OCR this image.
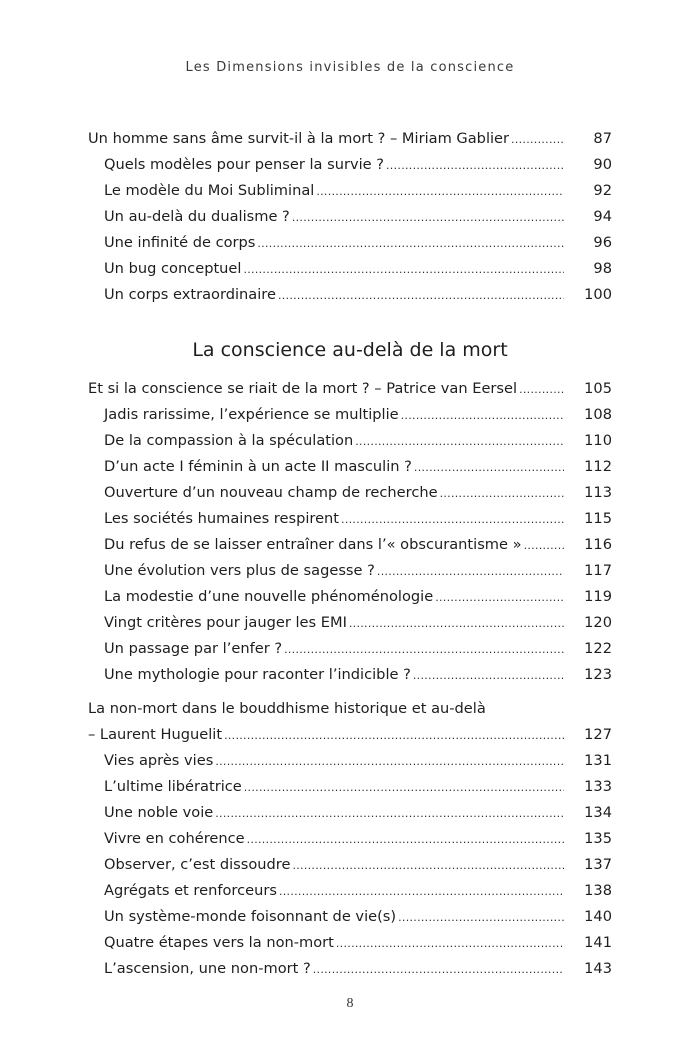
Les Dimensions invisibles de la conscience
Un homme sans âme survit-il à la mort ? – Miriam Gablier . . .	87
Quels modèles pour penser la survie ? . . .	90
Le modèle du Moi Subliminal . . .	92
Un au-delà du dualisme ? . . .	94
Une infinité de corps . . .	96
Un bug conceptuel . . .	98
Un corps extraordinaire . . .	100
La conscience au-delà de la mort
Et si la conscience se riait de la mort ? – Patrice van Eersel . . .	105
Jadis rarissime, l’expérience se multiplie . . .	108
De la compassion à la spéculation . . .	110
D’un acte I féminin à un acte II masculin ? . . .	112
Ouverture d’un nouveau champ de recherche . . .	113
Les sociétés humaines respirent . . .	115
Du refus de se laisser entraîner dans l’« obscurantisme » . . .	116
Une évolution vers plus de sagesse ? . . .	117
La modestie d’une nouvelle phénoménologie . . .	119
Vingt critères pour jauger les EMI . . .	120
Un passage par l’enfer ? . . .	122
Une mythologie pour raconter l’indicible ? . . .	123
La non-mort dans le bouddhisme historique et au-delà
– Laurent Huguelit . . .	127
Vies après vies . . .	131
L’ultime libératrice . . .	133
Une noble voie . . .	134
Vivre en cohérence . . .	135
Observer, c’est dissoudre . . .	137
Agrégats et renforceurs . . .	138
Un système-monde foisonnant de vie(s) . . .	140
Quatre étapes vers la non-mort . . .	141
L’ascension, une non-mort ? . . .	143
8
